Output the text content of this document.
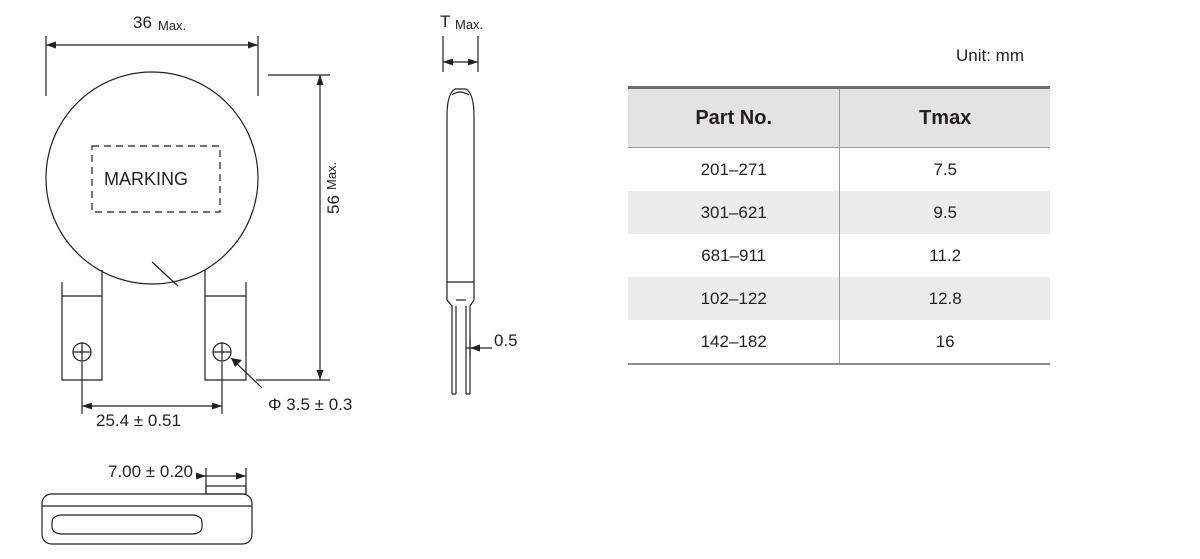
36 Max.
MARKING
56
Max.
25.4 ± 0.51
Φ 3.5 ± 0.3
T Max.
0.5
7.00 ± 0.20
Unit: mm
Part No.	Tmax
201–271	7.5
301–621	9.5
681–911	11.2
102–122	12.8
142–182	16
